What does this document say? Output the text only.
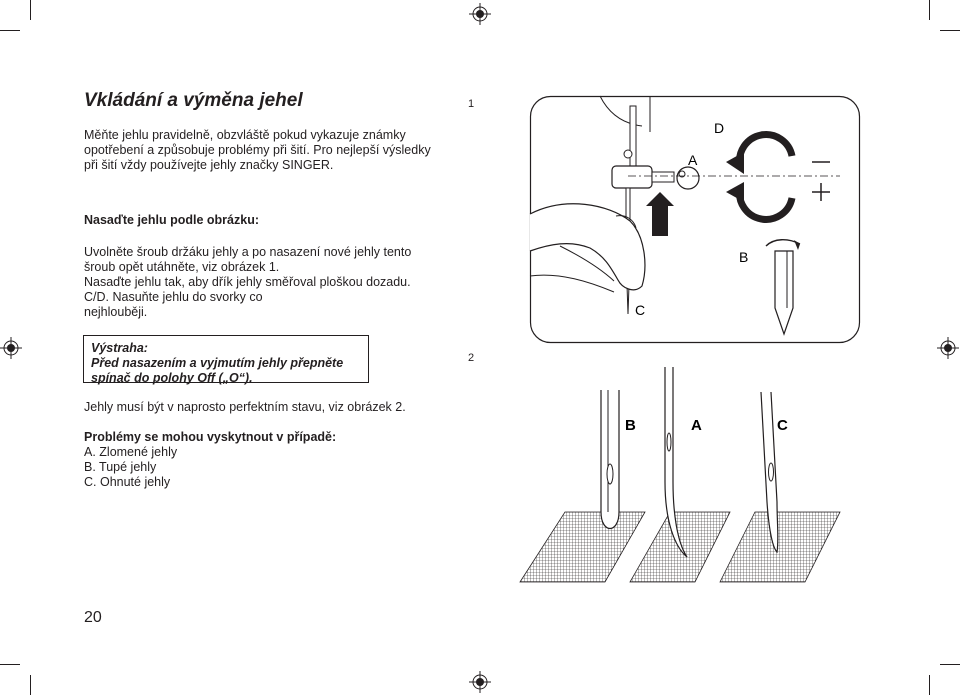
Vkládání a výměna jehel
Měňte jehlu pravidelně, obzvláště pokud vykazuje známky
opotřebení a způsobuje problémy při šití. Pro nejlepší výsledky
při šití vždy používejte jehly značky SINGER.
Nasaďte jehlu podle obrázku:
Uvolněte šroub držáku jehly a po nasazení nové jehly tento
šroub opět utáhněte, viz obrázek 1.
Nasaďte jehlu tak, aby dřík jehly směřoval ploškou dozadu.
C/D. Nasuňte jehlu do svorky co
nejhlouběji.
Výstraha:
Před nasazením a vyjmutím jehly přepněte
spínač do polohy Off („O“).
Jehly musí být v naprosto perfektním stavu, viz obrázek 2.
Problémy se mohou vyskytnout v případě:
A. Zlomené jehly
B. Tupé jehly
C. Ohnuté jehly
20
1
2
D
A
C
B
B	A	C
